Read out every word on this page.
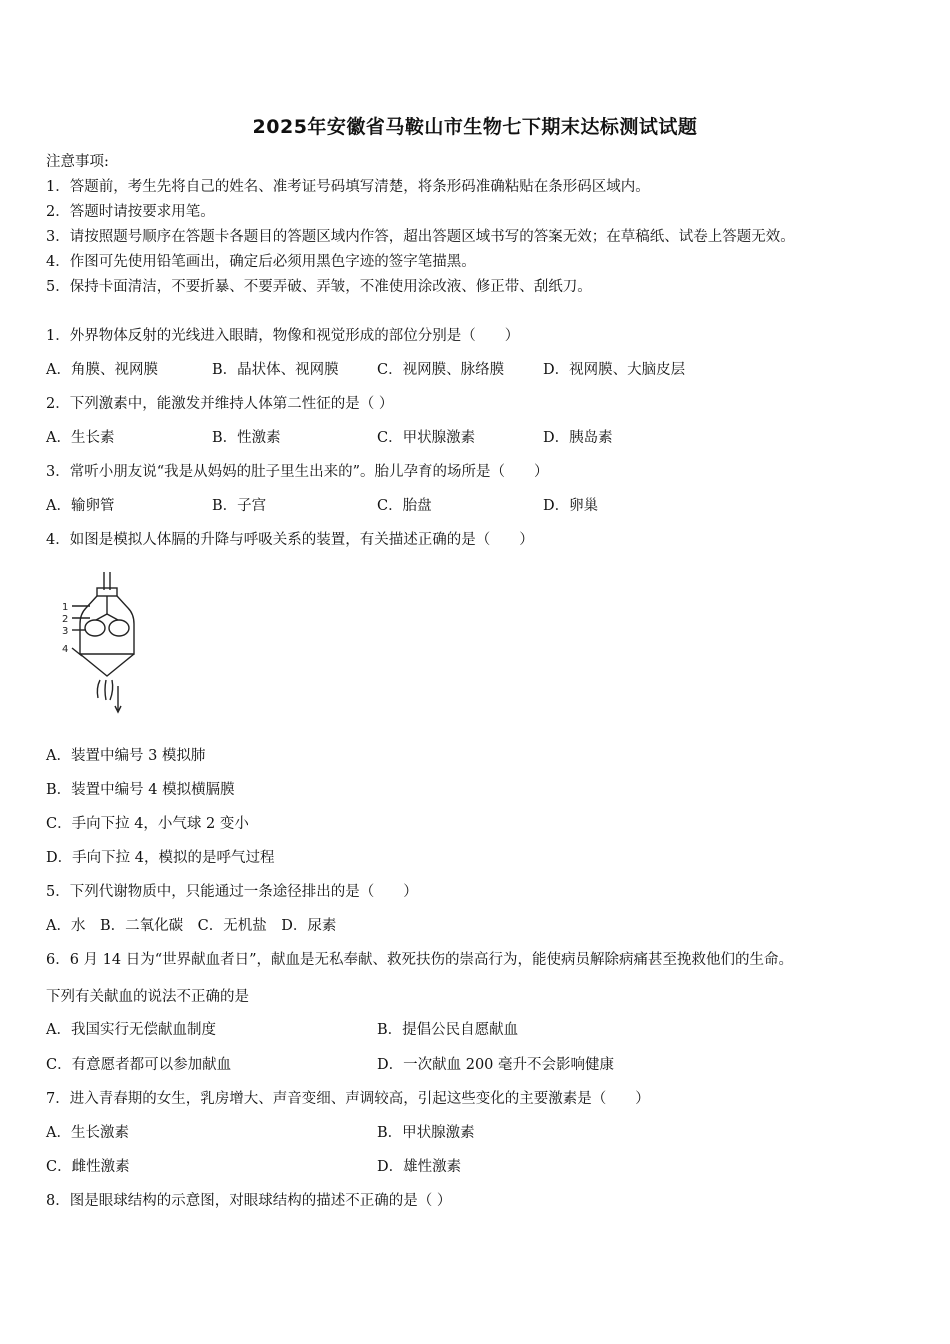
2025年安徽省马鞍山市生物七下期末达标测试试题
注意事项:
1．答题前，考生先将自己的姓名、准考证号码填写清楚，将条形码准确粘贴在条形码区域内。
2．答题时请按要求用笔。
3．请按照题号顺序在答题卡各题目的答题区域内作答，超出答题区域书写的答案无效；在草稿纸、试卷上答题无效。
4．作图可先使用铅笔画出，确定后必须用黑色字迹的签字笔描黑。
5．保持卡面清洁，不要折暴、不要弄破、弄皱，不准使用涂改液、修正带、刮纸刀。
1．外界物体反射的光线进入眼睛，物像和视觉形成的部位分别是（　　）
A．角膜、视网膜	B．晶状体、视网膜	C．视网膜、脉络膜	D．视网膜、大脑皮层
2．下列激素中，能激发并维持人体第二性征的是（ ）
A．生长素	B．性激素	C．甲状腺激素	D．胰岛素
3．常听小朋友说“我是从妈妈的肚子里生出来的”。胎儿孕育的场所是（　　）
A．输卵管	B．子宫	C．胎盘	D．卵巢
4．如图是模拟人体膈的升降与呼吸关系的装置，有关描述正确的是（　　）
1
2
3
4
A．装置中编号 3 模拟肺
B．装置中编号 4 模拟横膈膜
C．手向下拉 4，小气球 2 变小
D．手向下拉 4，模拟的是呼气过程
5．下列代谢物质中，只能通过一条途径排出的是（　　）
A．水　B．二氧化碳　C．无机盐　D．尿素
6．6 月 14 日为“世界献血者日”，献血是无私奉献、救死扶伤的崇高行为，能使病员解除病痛甚至挽救他们的生命。
下列有关献血的说法不正确的是
A．我国实行无偿献血制度	B．提倡公民自愿献血
C．有意愿者都可以参加献血	D．一次献血 200 毫升不会影响健康
7．进入青春期的女生，乳房增大、声音变细、声调较高，引起这些变化的主要激素是（　　）
A．生长激素	B．甲状腺激素
C．雌性激素	D．雄性激素
8．图是眼球结构的示意图，对眼球结构的描述不正确的是（ ）
